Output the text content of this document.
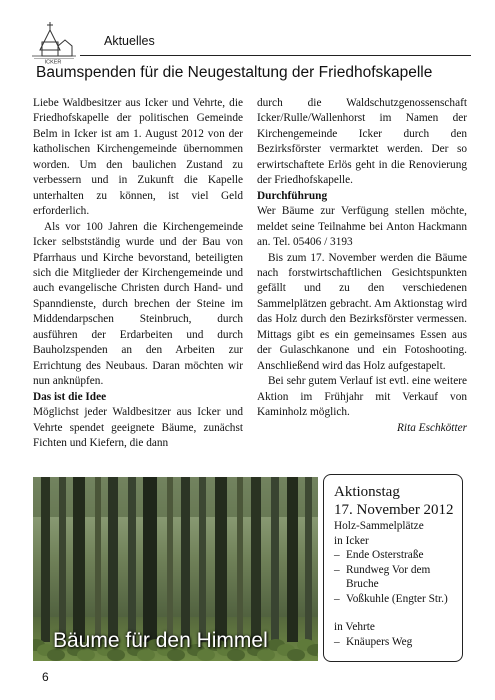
ICKER
Aktuelles
Baumspenden für die Neugestaltung der Friedhofskapelle

Liebe Waldbesitzer aus Icker und Vehrte, die Friedhofskapelle der politischen Gemeinde Belm in Icker ist am 1. August 2012 von der katholischen Kirchengemeinde übernommen worden. Um den baulichen Zustand zu verbessern und in Zukunft die Kapelle unterhalten zu können, ist viel Geld erforderlich.

Als vor 100 Jahren die Kirchengemeinde Icker selbstständig wurde und der Bau von Pfarrhaus und Kirche bevorstand, beteiligten sich die Mitglieder der Kirchengemeinde und auch evangelische Christen durch Hand- und Spanndienste, durch brechen der Steine im Middendarpschen Steinbruch, durch ausführen der Erdarbeiten und durch Bauholzspenden an den Arbeiten zur Errichtung des Neubaus. Daran möchten wir nun anknüpfen.

Das ist die Idee

Möglichst jeder Waldbesitzer aus Icker und Vehrte spendet geeignete Bäume, zunächst Fichten und Kiefern, die dann

durch die Waldschutzgenossenschaft Icker/Rulle/Wallenhorst im Namen der Kirchengemeinde Icker durch den Bezirksförster vermarktet werden. Der so erwirtschaftete Erlös geht in die Renovierung der Friedhofskapelle.

Durchführung

Wer Bäume zur Verfügung stellen möchte, meldet seine Teilnahme bei Anton Hackmann an. Tel. 05406 / 3193

Bis zum 17. November werden die Bäume nach forstwirtschaftlichen Gesichtspunkten gefällt und zu den verschiedenen Sammelplätzen gebracht. Am Aktionstag wird das Holz durch den Bezirksförster vermessen. Mittags gibt es ein gemeinsames Essen aus der Gulaschkanone und ein Fotoshooting. Anschließend wird das Holz aufgestapelt.

Bei sehr gutem Verlauf ist evtl. eine weitere Aktion im Frühjahr mit Verkauf von Kaminholz möglich.

Rita Eschkötter

Bäume für den Himmel
Aktionstag
17. November 2012
Holz-Sammelplätze
in Icker
– Ende Osterstraße
– Rundweg Vor dem Bruche
– Voßkuhle (Engter Str.)
in Vehrte
– Knäupers Weg
6
